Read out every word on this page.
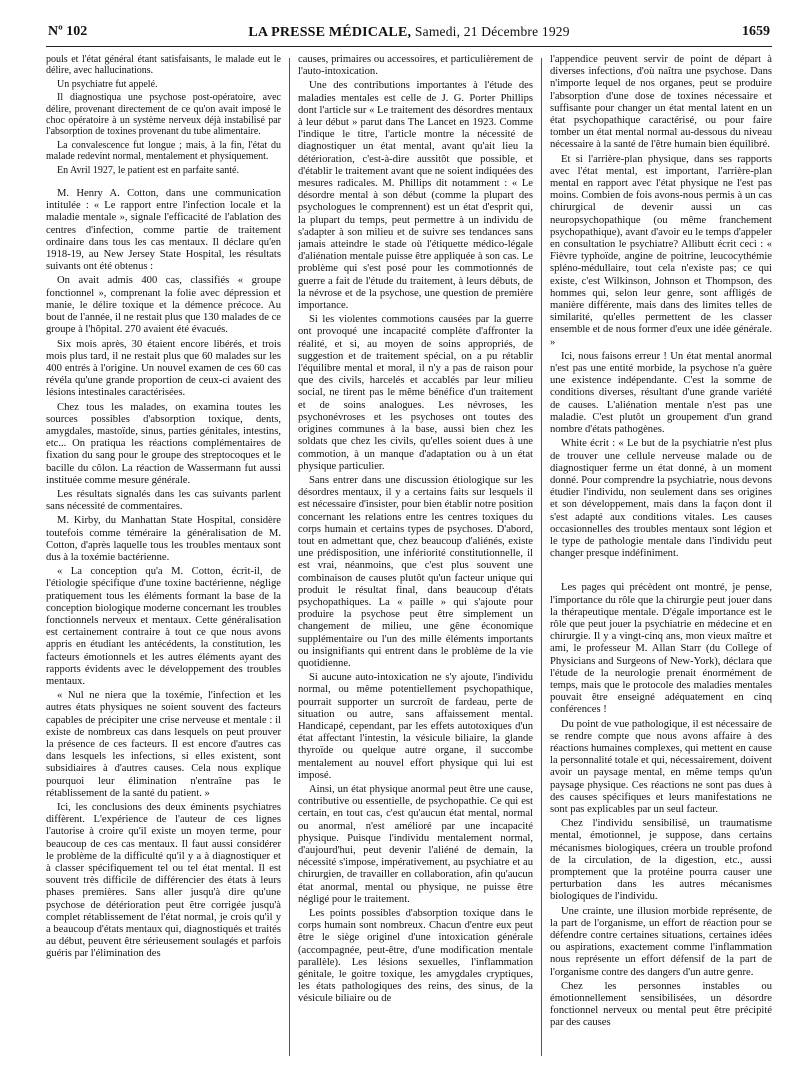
Nº 102	LA PRESSE MÉDICALE, Samedi, 21 Décembre 1929	1659

pouls et l'état général étant satisfaisants, le malade eut le délire, avec hallucinations.

Un psychiatre fut appelé.

Il diagnostiqua une psychose post-opératoire, avec délire, provenant directement de ce qu'on avait imposé le choc opératoire à un système nerveux déjà instabilisé par l'absorption de toxines provenant du tube alimentaire.

La convalescence fut longue ; mais, à la fin, l'état du malade redevint normal, mentalement et physiquement.

En Avril 1927, le patient est en parfaite santé.

M. Henry A. Cotton, dans une communication intitulée : « Le rapport entre l'infection locale et la maladie mentale », signale l'efficacité de l'ablation des centres d'infection, comme partie de traitement ordinaire dans tous les cas mentaux. Il déclare qu'en 1918-19, au New Jersey State Hospital, les résultats suivants ont été obtenus :

On avait admis 400 cas, classifiés « groupe fonctionnel », comprenant la folie avec dépression et manie, le délire toxique et la démence précoce. Au bout de l'année, il ne restait plus que 130 malades de ce groupe à l'hôpital. 270 avaient été évacués.

Six mois après, 30 étaient encore libérés, et trois mois plus tard, il ne restait plus que 60 malades sur les 400 entrés à l'origine. Un nouvel examen de ces 60 cas révéla qu'une grande proportion de ceux-ci avaient des lésions intestinales caractérisées.

Chez tous les malades, on examina toutes les sources possibles d'absorption toxique, dents, amygdales, mastoïde, sinus, parties génitales, intestins, etc... On pratiqua les réactions complémentaires de fixation du sang pour le groupe des streptocoques et le bacille du côlon. La réaction de Wassermann fut aussi instituée comme mesure générale.

Les résultats signalés dans les cas suivants parlent sans nécessité de commentaires.

M. Kirby, du Manhattan State Hospital, considère toutefois comme téméraire la généralisation de M. Cotton, d'après laquelle tous les troubles mentaux sont dus à la toxémie bactérienne.

« La conception qu'a M. Cotton, écrit-il, de l'étiologie spécifique d'une toxine bactérienne, néglige pratiquement tous les éléments formant la base de la conception biologique moderne concernant les troubles fonctionnels nerveux et mentaux. Cette généralisation est certainement contraire à tout ce que nous avons appris en étudiant les antécédents, la constitution, les facteurs émotionnels et les autres éléments ayant des rapports évidents avec le développement des troubles mentaux.

« Nul ne niera que la toxémie, l'infection et les autres états physiques ne soient souvent des facteurs capables de précipiter une crise nerveuse et mentale : il existe de nombreux cas dans lesquels on peut prouver la présence de ces facteurs. Il est encore d'autres cas dans lesquels les infections, si elles existent, sont subsidiaires à d'autres causes. Cela nous explique pourquoi leur élimination n'entraîne pas le rétablissement de la santé du patient. »

Ici, les conclusions des deux éminents psychiatres diffèrent. L'expérience de l'auteur de ces lignes l'autorise à croire qu'il existe un moyen terme, pour beaucoup de ces cas mentaux. Il faut aussi considérer le problème de la difficulté qu'il y a à diagnostiquer et à classer spécifiquement tel ou tel état mental. Il est souvent très difficile de différencier des états à leurs phases premières. Sans aller jusqu'à dire qu'une psychose de détérioration peut être corrigée jusqu'à complet rétablissement de l'état normal, je crois qu'il y a beaucoup d'états mentaux qui, diagnostiqués et traités au début, peuvent être sérieusement soulagés et parfois guéris par l'élimination des

causes, primaires ou accessoires, et particulièrement de l'auto-intoxication.

Une des contributions importantes à l'étude des maladies mentales est celle de J. G. Porter Phillips dont l'article sur « Le traitement des désordres mentaux à leur début » parut dans The Lancet en 1923. Comme l'indique le titre, l'article montre la nécessité de diagnostiquer un état mental, avant qu'ait lieu la détérioration, c'est-à-dire aussitôt que possible, et d'établir le traitement avant que ne soient indiquées des mesures radicales. M. Phillips dit notamment : « Le désordre mental à son début (comme la plupart des psychologues le comprennent) est un état d'esprit qui, la plupart du temps, peut permettre à un individu de s'adapter à son milieu et de suivre ses tendances sans jamais atteindre le stade où l'étiquette médico-légale d'aliénation mentale puisse être appliquée à son cas. Le problème qui s'est posé pour les commotionnés de guerre a fait de l'étude du traitement, à leurs débuts, de la névrose et de la psychose, une question de première importance.

Si les violentes commotions causées par la guerre ont provoqué une incapacité complète d'affronter la réalité, et si, au moyen de soins appropriés, de suggestion et de traitement spécial, on a pu rétablir l'équilibre mental et moral, il n'y a pas de raison pour que des civils, harcelés et accablés par leur milieu social, ne tirent pas le même bénéfice d'un traitement et de soins analogues. Les névroses, les psychonévroses et les psychoses ont toutes des origines communes à la base, aussi bien chez les soldats que chez les civils, qu'elles soient dues à une commotion, à un manque d'adaptation ou à un état physique particulier.

Sans entrer dans une discussion étiologique sur les désordres mentaux, il y a certains faits sur lesquels il est nécessaire d'insister, pour bien établir notre position concernant les relations entre les centres toxiques du corps humain et certains types de psychoses. D'abord, tout en admettant que, chez beaucoup d'aliénés, existe une prédisposition, une infériorité constitutionnelle, il est vrai, néanmoins, que c'est plus souvent une combinaison de causes plutôt qu'un facteur unique qui produit le résultat final, dans beaucoup d'états psychopathiques. La « paille » qui s'ajoute pour produire la psychose peut être simplement un changement de milieu, une gêne économique supplémentaire ou l'un des mille éléments importants ou insignifiants qui entrent dans le problème de la vie quotidienne.

Si aucune auto-intoxication ne s'y ajoute, l'individu normal, ou même potentiellement psychopathique, pourrait supporter un surcroît de fardeau, perte de situation ou autre, sans affaissement mental. Handicapé, cependant, par les effets autotoxiques d'un état affectant l'intestin, la vésicule biliaire, la glande thyroïde ou quelque autre organe, il succombe mentalement au nouvel effort physique qui lui est imposé.

Ainsi, un état physique anormal peut être une cause, contributive ou essentielle, de psychopathie. Ce qui est certain, en tout cas, c'est qu'aucun état mental, normal ou anormal, n'est amélioré par une incapacité physique. Puisque l'individu mentalement normal, d'aujourd'hui, peut devenir l'aliéné de demain, la nécessité s'impose, impérativement, au psychiatre et au chirurgien, de travailler en collaboration, afin qu'aucun état anormal, mental ou physique, ne puisse être négligé pour le traitement.

Les points possibles d'absorption toxique dans le corps humain sont nombreux. Chacun d'entre eux peut être le siège originel d'une intoxication générale (accompagnée, peut-être, d'une modification mentale parallèle). Les lésions sexuelles, l'inflammation génitale, le goitre toxique, les amygdales cryptiques, les états pathologiques des reins, des sinus, de la vésicule biliaire ou de

l'appendice peuvent servir de point de départ à diverses infections, d'où naîtra une psychose. Dans n'importe lequel de nos organes, peut se produire l'absorption d'une dose de toxines nécessaire et suffisante pour changer un état mental latent en un état psychopathique caractérisé, ou pour faire tomber un état mental normal au-dessous du niveau nécessaire à la santé de l'être humain bien équilibré.

Et si l'arrière-plan physique, dans ses rapports avec l'état mental, est important, l'arrière-plan mental en rapport avec l'état physique ne l'est pas moins. Combien de fois avons-nous permis à un cas chirurgical de devenir aussi un cas neuropsychopathique (ou même franchement psychopathique), avant d'avoir eu le temps d'appeler en consultation le psychiatre? Allibutt écrit ceci : « Fièvre typhoïde, angine de poitrine, leucocythémie spléno-médullaire, tout cela n'existe pas; ce qui existe, c'est Wilkinson, Johnson et Thompson, des hommes qui, selon leur genre, sont affligés de manière différente, mais dans des limites telles de similarité, qu'elles permettent de les classer ensemble et de nous former d'eux une idée générale. »

Ici, nous faisons erreur ! Un état mental anormal n'est pas une entité morbide, la psychose n'a guère une existence indépendante. C'est la somme de conditions diverses, résultant d'une grande variété de causes. L'aliénation mentale n'est pas une maladie. C'est plutôt un groupement d'un grand nombre d'états pathogènes.

White écrit : « Le but de la psychiatrie n'est plus de trouver une cellule nerveuse malade ou de diagnostiquer ferme un état donné, à un moment donné. Pour comprendre la psychiatrie, nous devons étudier l'individu, non seulement dans ses origines et son développement, mais dans la façon dont il s'est adapté aux conditions vitales. Les causes occasionnelles des troubles mentaux sont légion et le type de pathologie mentale dans l'individu peut changer presque indéfiniment.

Les pages qui précèdent ont montré, je pense, l'importance du rôle que la chirurgie peut jouer dans la thérapeutique mentale. D'égale importance est le rôle que peut jouer la psychiatrie en médecine et en chirurgie. Il y a vingt-cinq ans, mon vieux maître et ami, le professeur M. Allan Starr (du College of Physicians and Surgeons of New-York), déclara que l'étude de la neurologie prenait énormément de temps, mais que le protocole des maladies mentales pouvait être enseigné adéquatement en cinq conférences !

Du point de vue pathologique, il est nécessaire de se rendre compte que nous avons affaire à des réactions humaines complexes, qui mettent en cause la personnalité totale et qui, nécessairement, doivent avoir un paysage mental, en même temps qu'un paysage physique. Ces réactions ne sont pas dues à des causes spécifiques et leurs manifestations ne sont pas explicables par un seul facteur.

Chez l'individu sensibilisé, un traumatisme mental, émotionnel, je suppose, dans certains mécanismes biologiques, créera un trouble profond de la circulation, de la digestion, etc., aussi promptement que la protéine pourra causer une perturbation dans les autres mécanismes biologiques de l'individu.

Une crainte, une illusion morbide représente, de la part de l'organisme, un effort de réaction pour se défendre contre certaines situations, certaines idées ou aspirations, exactement comme l'inflammation nous représente un effort défensif de la part de l'organisme contre des dangers d'un autre genre.

Chez les personnes instables ou émotionnellement sensibilisées, un désordre fonctionnel nerveux ou mental peut être précipité par des causes
